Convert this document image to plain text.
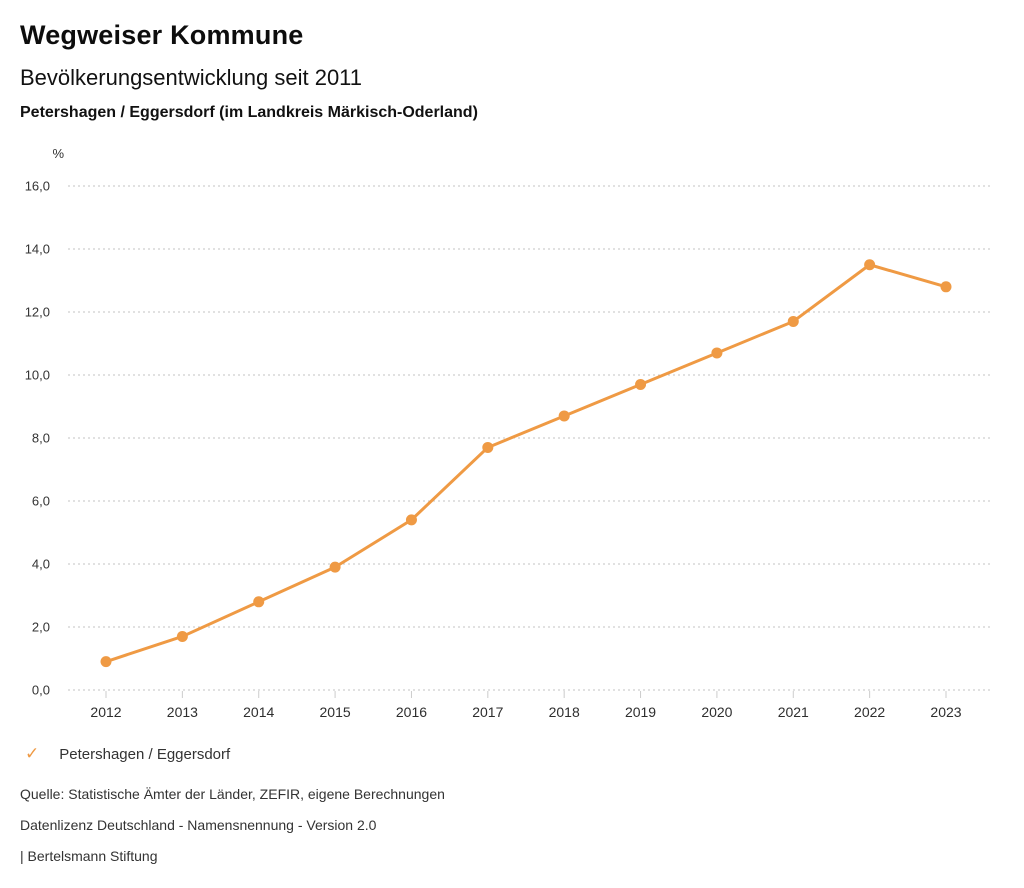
Wegweiser Kommune
Bevölkerungsentwicklung seit 2011
Petershagen / Eggersdorf (im Landkreis Märkisch-Oderland)
%
16,0
14,0
12,0
10,0
8,0
6,0
4,0
2,0
0,0
2012	2013	2014	2015	2016	2017	2018	2019	2020	2021	2022	2023
✓ Petershagen / Eggersdorf
Quelle: Statistische Ämter der Länder, ZEFIR, eigene Berechnungen
Datenlizenz Deutschland - Namensnennung - Version 2.0
| Bertelsmann Stiftung
